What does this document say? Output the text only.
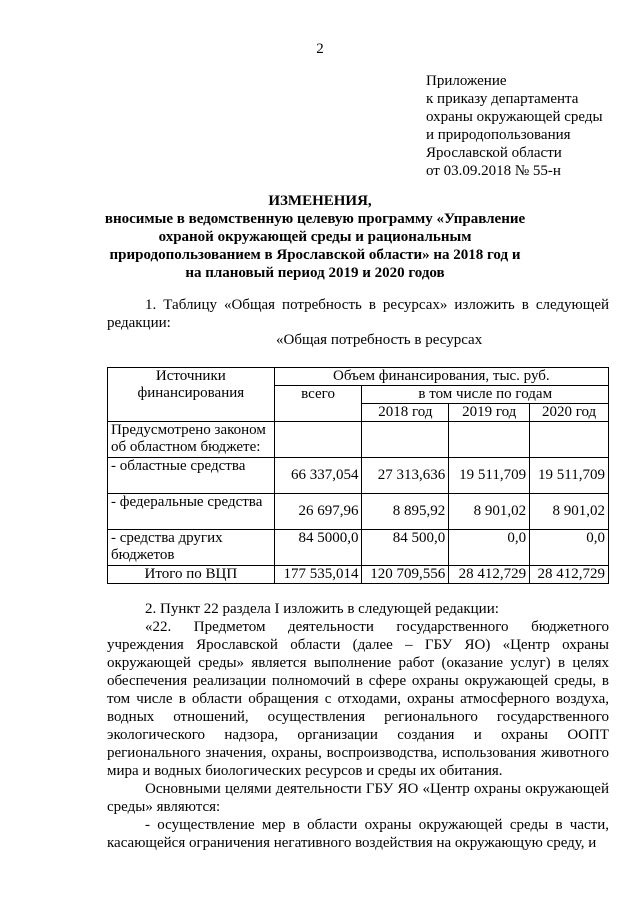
2
Приложение
к приказу департамента
охраны окружающей среды
и природопользования
Ярославской области
от 03.09.2018 № 55-н
ИЗМЕНЕНИЯ,
вносимые в ведомственную целевую программу «Управление охраной окружающей среды и рациональным природопользованием в Ярославской области» на 2018 год и на плановый период 2019 и 2020 годов
1. Таблицу «Общая потребность в ресурсах» изложить в следующей редакции:
«Общая потребность в ресурсах
Источники финансирования	Объем финансирования, тыс. руб.			
	всего	в том числе по годам		
		2018 год	2019 год	2020 год
Предусмотрено законом об областном бюджете:				
- областные средства	66 337,054	27 313,636	19 511,709	19 511,709
- федеральные средства	26 697,96	8 895,92	8 901,02	8 901,02
- средства других бюджетов	84 5000,0	84 500,0	0,0	0,0
Итого по ВЦП	177 535,014	120 709,556	28 412,729	28 412,729
2. Пункт 22 раздела I изложить в следующей редакции:
«22. Предметом деятельности государственного бюджетного учреждения Ярославской области (далее – ГБУ ЯО) «Центр охраны окружающей среды» является выполнение работ (оказание услуг) в целях обеспечения реализации полномочий в сфере охраны окружающей среды, в том числе в области обращения с отходами, охраны атмосферного воздуха, водных отношений, осуществления регионального государственного экологического надзора, организации создания и охраны ООПТ регионального значения, охраны, воспроизводства, использования животного мира и водных биологических ресурсов и среды их обитания.
Основными целями деятельности ГБУ ЯО «Центр охраны окружающей среды» являются:
- осуществление мер в области охраны окружающей среды в части, касающейся ограничения негативного воздействия на окружающую среду, и
